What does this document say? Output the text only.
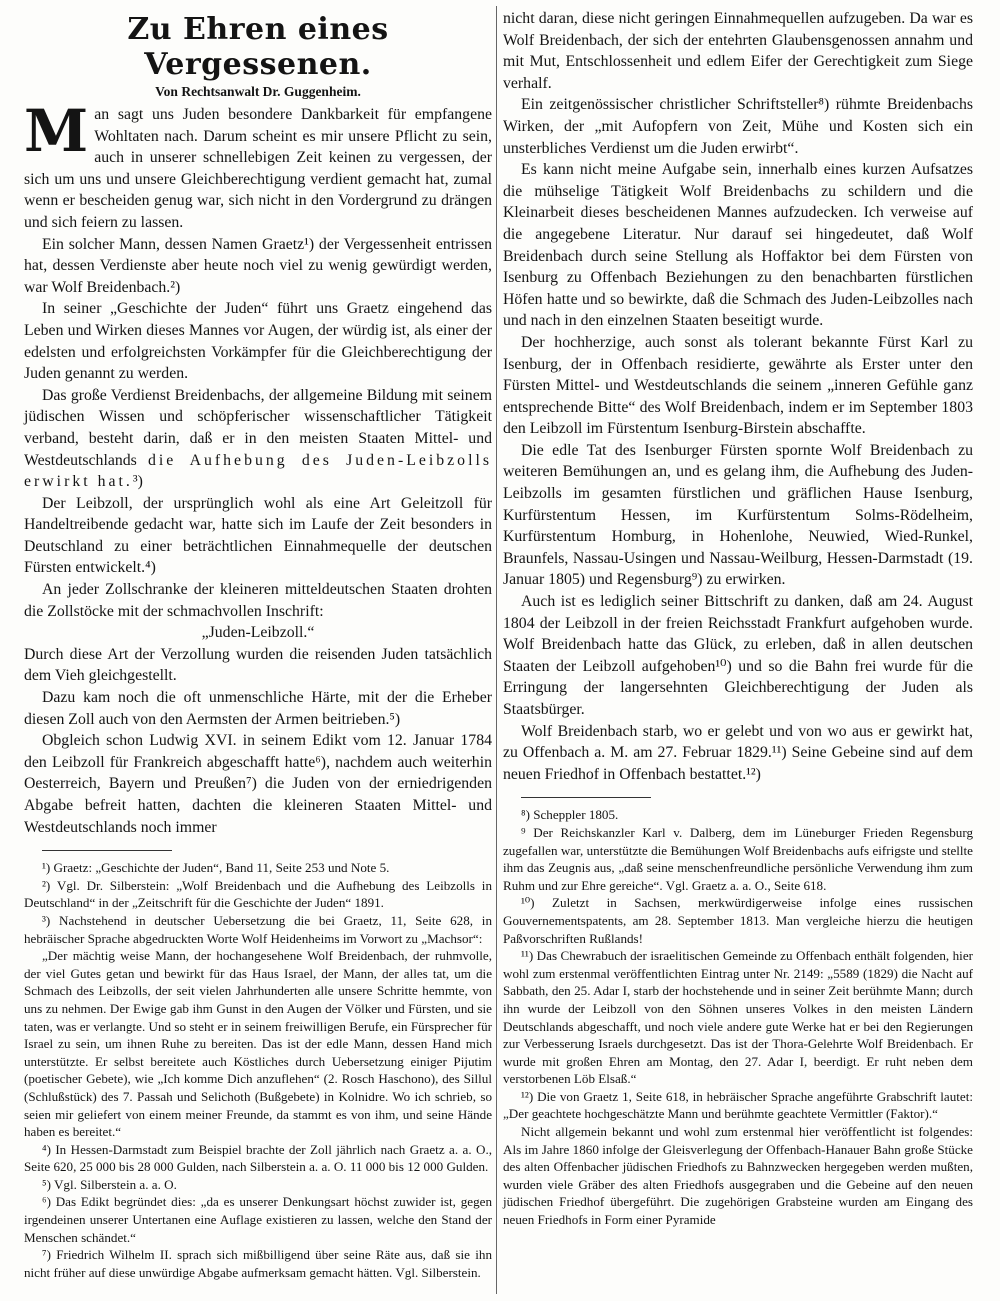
Zu Ehren eines Vergessenen.
Von Rechtsanwalt Dr. Guggenheim.

Man sagt uns Juden besondere Dankbarkeit für empfangene Wohltaten nach. Darum scheint es mir unsere Pflicht zu sein, auch in unserer schnellebigen Zeit keinen zu vergessen, der sich um uns und unsere Gleichberechtigung verdient gemacht hat, zumal wenn er bescheiden genug war, sich nicht in den Vordergrund zu drängen und sich feiern zu lassen.

Ein solcher Mann, dessen Namen Graetz¹) der Vergessenheit entrissen hat, dessen Verdienste aber heute noch viel zu wenig gewürdigt werden, war Wolf Breidenbach.²)

In seiner „Geschichte der Juden“ führt uns Graetz eingehend das Leben und Wirken dieses Mannes vor Augen, der würdig ist, als einer der edelsten und erfolgreichsten Vorkämpfer für die Gleichberechtigung der Juden genannt zu werden.

Das große Verdienst Breidenbachs, der allgemeine Bildung mit seinem jüdischen Wissen und schöpferischer wissenschaftlicher Tätigkeit verband, besteht darin, daß er in den meisten Staaten Mittel- und Westdeutschlands die Aufhebung des Juden-Leibzolls erwirkt hat.³)

Der Leibzoll, der ursprünglich wohl als eine Art Geleitzoll für Handeltreibende gedacht war, hatte sich im Laufe der Zeit besonders in Deutschland zu einer beträchtlichen Einnahmequelle der deutschen Fürsten entwickelt.⁴)

An jeder Zollschranke der kleineren mitteldeutschen Staaten drohten die Zollstöcke mit der schmachvollen Inschrift:

„Juden-Leibzoll.“

Durch diese Art der Verzollung wurden die reisenden Juden tatsächlich dem Vieh gleichgestellt.

Dazu kam noch die oft unmenschliche Härte, mit der die Erheber diesen Zoll auch von den Aermsten der Armen beitrieben.⁵)

Obgleich schon Ludwig XVI. in seinem Edikt vom 12. Januar 1784 den Leibzoll für Frankreich abgeschafft hatte⁶), nachdem auch weiterhin Oesterreich, Bayern und Preußen⁷) die Juden von der erniedrigenden Abgabe befreit hatten, dachten die kleineren Staaten Mittel- und Westdeutschlands noch immer

¹) Graetz: „Geschichte der Juden“, Band 11, Seite 253 und Note 5.

²) Vgl. Dr. Silberstein: „Wolf Breidenbach und die Aufhebung des Leibzolls in Deutschland“ in der „Zeitschrift für die Geschichte der Juden“ 1891.

³) Nachstehend in deutscher Uebersetzung die bei Graetz, 11, Seite 628, in hebräischer Sprache abgedruckten Worte Wolf Heidenheims im Vorwort zu „Machsor“:

„Der mächtig weise Mann, der hochangesehene Wolf Breidenbach, der ruhmvolle, der viel Gutes getan und bewirkt für das Haus Israel, der Mann, der alles tat, um die Schmach des Leibzolls, der seit vielen Jahrhunderten alle unsere Schritte hemmte, von uns zu nehmen. Der Ewige gab ihm Gunst in den Augen der Völker und Fürsten, und sie taten, was er verlangte. Und so steht er in seinem freiwilligen Berufe, ein Fürsprecher für Israel zu sein, um ihnen Ruhe zu bereiten. Das ist der edle Mann, dessen Hand mich unterstützte. Er selbst bereitete auch Köstliches durch Uebersetzung einiger Pijutim (poetischer Gebete), wie „Ich komme Dich anzuflehen“ (2. Rosch Haschono), des Sillul (Schlußstück) des 7. Passah und Selichoth (Bußgebete) in Kolnidre. Wo ich schrieb, so seien mir geliefert von einem meiner Freunde, da stammt es von ihm, und seine Hände haben es bereitet.“

⁴) In Hessen-Darmstadt zum Beispiel brachte der Zoll jährlich nach Graetz a. a. O., Seite 620, 25 000 bis 28 000 Gulden, nach Silberstein a. a. O. 11 000 bis 12 000 Gulden.

⁵) Vgl. Silberstein a. a. O.

⁶) Das Edikt begründet dies: „da es unserer Denkungsart höchst zuwider ist, gegen irgendeinen unserer Untertanen eine Auflage existieren zu lassen, welche den Stand der Menschen schändet.“

⁷) Friedrich Wilhelm II. sprach sich mißbilligend über seine Räte aus, daß sie ihn nicht früher auf diese unwürdige Abgabe aufmerksam gemacht hätten. Vgl. Silberstein.

nicht daran, diese nicht geringen Einnahmequellen aufzugeben. Da war es Wolf Breidenbach, der sich der entehrten Glaubensgenossen annahm und mit Mut, Entschlossenheit und edlem Eifer der Gerechtigkeit zum Siege verhalf.

Ein zeitgenössischer christlicher Schriftsteller⁸) rühmte Breidenbachs Wirken, der „mit Aufopfern von Zeit, Mühe und Kosten sich ein unsterbliches Verdienst um die Juden erwirbt“.

Es kann nicht meine Aufgabe sein, innerhalb eines kurzen Aufsatzes die mühselige Tätigkeit Wolf Breidenbachs zu schildern und die Kleinarbeit dieses bescheidenen Mannes aufzudecken. Ich verweise auf die angegebene Literatur. Nur darauf sei hingedeutet, daß Wolf Breidenbach durch seine Stellung als Hoffaktor bei dem Fürsten von Isenburg zu Offenbach Beziehungen zu den benachbarten fürstlichen Höfen hatte und so bewirkte, daß die Schmach des Juden-Leibzolles nach und nach in den einzelnen Staaten beseitigt wurde.

Der hochherzige, auch sonst als tolerant bekannte Fürst Karl zu Isenburg, der in Offenbach residierte, gewährte als Erster unter den Fürsten Mittel- und Westdeutschlands die seinem „inneren Gefühle ganz entsprechende Bitte“ des Wolf Breidenbach, indem er im September 1803 den Leibzoll im Fürstentum Isenburg-Birstein abschaffte.

Die edle Tat des Isenburger Fürsten spornte Wolf Breidenbach zu weiteren Bemühungen an, und es gelang ihm, die Aufhebung des Juden-Leibzolls im gesamten fürstlichen und gräflichen Hause Isenburg, Kurfürstentum Hessen, im Kurfürstentum Solms-Rödelheim, Kurfürstentum Homburg, in Hohenlohe, Neuwied, Wied-Runkel, Braunfels, Nassau-Usingen und Nassau-Weilburg, Hessen-Darmstadt (19. Januar 1805) und Regensburg⁹) zu erwirken.

Auch ist es lediglich seiner Bittschrift zu danken, daß am 24. August 1804 der Leibzoll in der freien Reichsstadt Frankfurt aufgehoben wurde. Wolf Breidenbach hatte das Glück, zu erleben, daß in allen deutschen Staaten der Leibzoll aufgehoben¹⁰) und so die Bahn frei wurde für die Erringung der langersehnten Gleichberechtigung der Juden als Staatsbürger.

Wolf Breidenbach starb, wo er gelebt und von wo aus er gewirkt hat, zu Offenbach a. M. am 27. Februar 1829.¹¹) Seine Gebeine sind auf dem neuen Friedhof in Offenbach bestattet.¹²)

⁸) Scheppler 1805.

⁹ Der Reichskanzler Karl v. Dalberg, dem im Lüneburger Frieden Regensburg zugefallen war, unterstützte die Bemühungen Wolf Breidenbachs aufs eifrigste und stellte ihm das Zeugnis aus, „daß seine menschenfreundliche persönliche Verwendung ihm zum Ruhm und zur Ehre gereiche“. Vgl. Graetz a. a. O., Seite 618.

¹⁰) Zuletzt in Sachsen, merkwürdigerweise infolge eines russischen Gouvernementspatents, am 28. September 1813. Man vergleiche hierzu die heutigen Paßvorschriften Rußlands!

¹¹) Das Chewrabuch der israelitischen Gemeinde zu Offenbach enthält folgenden, hier wohl zum erstenmal veröffentlichten Eintrag unter Nr. 2149: „5589 (1829) die Nacht auf Sabbath, den 25. Adar I, starb der hochstehende und in seiner Zeit berühmte Mann; durch ihn wurde der Leibzoll von den Söhnen unseres Volkes in den meisten Ländern Deutschlands abgeschafft, und noch viele andere gute Werke hat er bei den Regierungen zur Verbesserung Israels durchgesetzt. Das ist der Thora-Gelehrte Wolf Breidenbach. Er wurde mit großen Ehren am Montag, den 27. Adar I, beerdigt. Er ruht neben dem verstorbenen Löb Elsaß.“

¹²) Die von Graetz 1, Seite 618, in hebräischer Sprache angeführte Grabschrift lautet: „Der geachtete hochgeschätzte Mann und berühmte geachtete Vermittler (Faktor).“

Nicht allgemein bekannt und wohl zum erstenmal hier veröffentlicht ist folgendes: Als im Jahre 1860 infolge der Gleisverlegung der Offenbach-Hanauer Bahn große Stücke des alten Offenbacher jüdischen Friedhofs zu Bahnzwecken hergegeben werden mußten, wurden viele Gräber des alten Friedhofs ausgegraben und die Gebeine auf den neuen jüdischen Friedhof übergeführt. Die zugehörigen Grabsteine wurden am Eingang des neuen Friedhofs in Form einer Pyramide
